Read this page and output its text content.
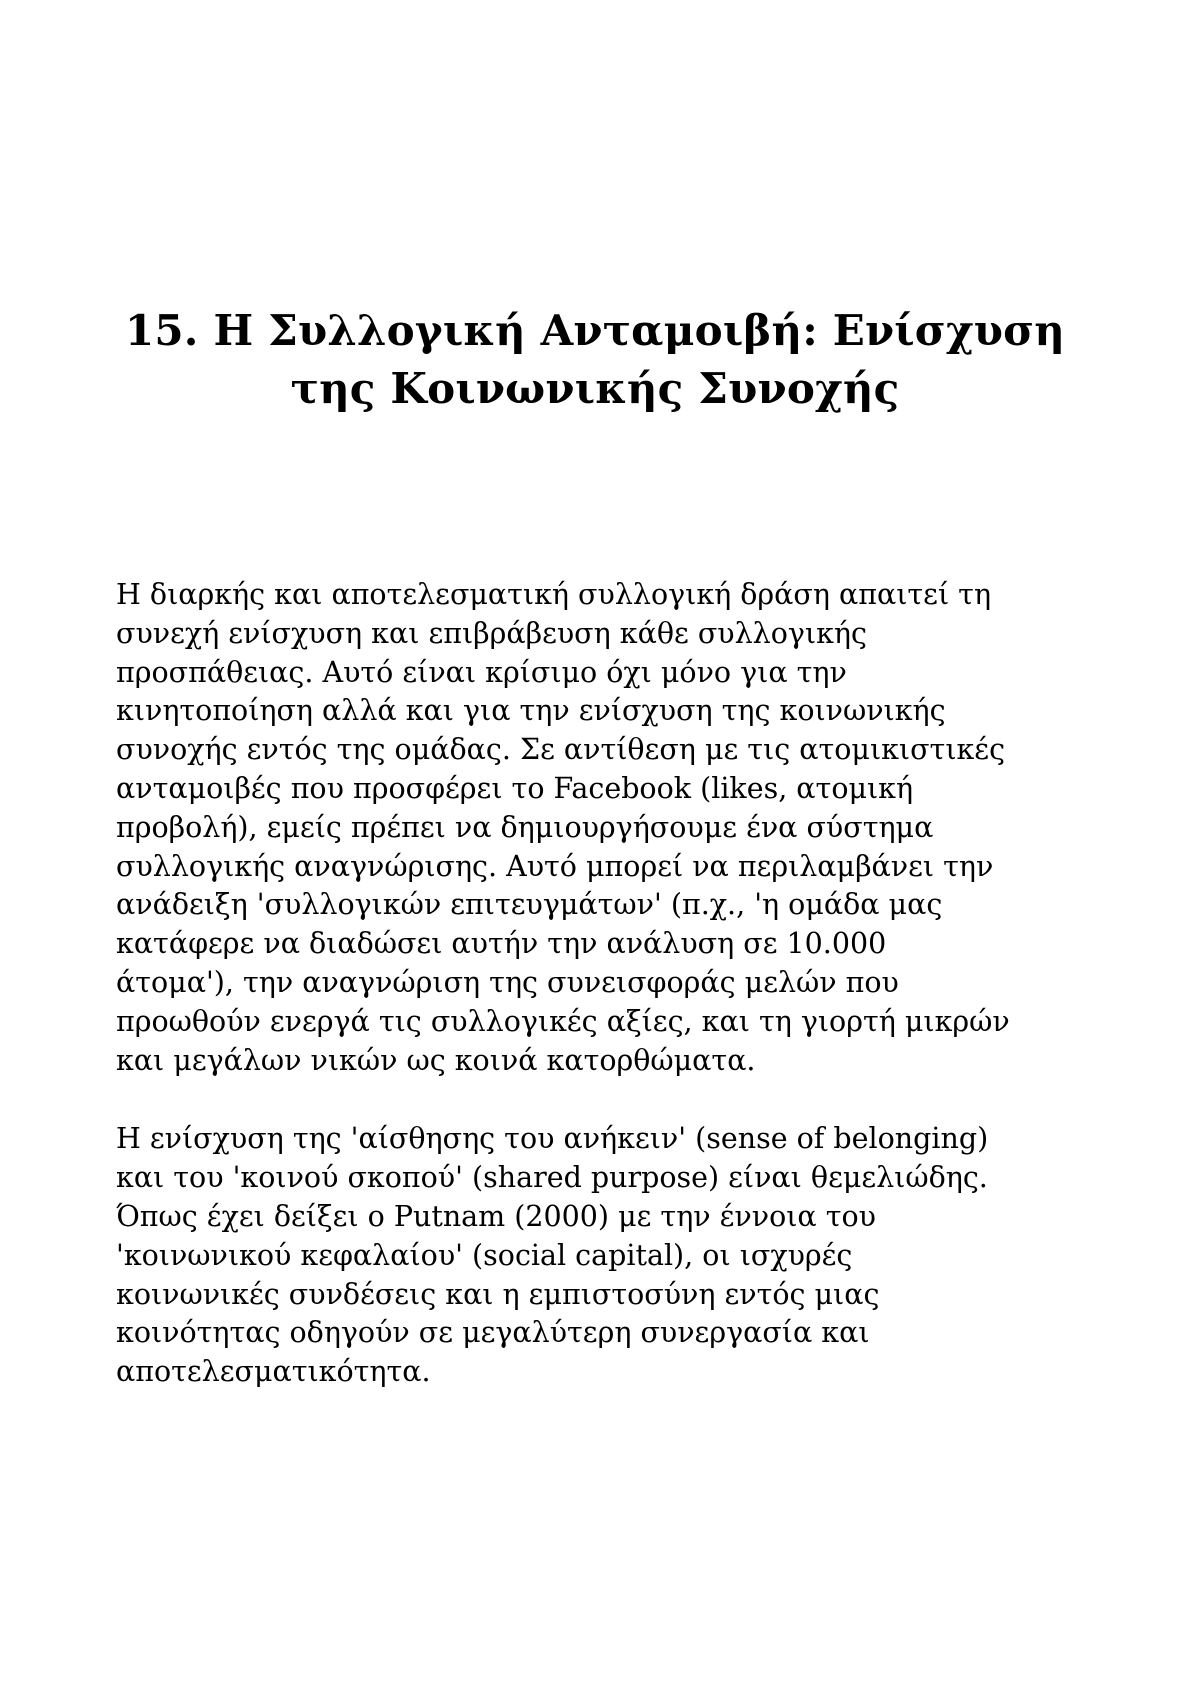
15. Η Συλλογική Ανταμοιβή: Ενίσχυση
της Κοινωνικής Συνοχής

Η διαρκής και αποτελεσματική συλλογική δράση απαιτεί τη
συνεχή ενίσχυση και επιβράβευση κάθε συλλογικής
προσπάθειας. Αυτό είναι κρίσιμο όχι μόνο για την
κινητοποίηση αλλά και για την ενίσχυση της κοινωνικής
συνοχής εντός της ομάδας. Σε αντίθεση με τις ατομικιστικές
ανταμοιβές που προσφέρει το Facebook (likes, ατομική
προβολή), εμείς πρέπει να δημιουργήσουμε ένα σύστημα
συλλογικής αναγνώρισης. Αυτό μπορεί να περιλαμβάνει την
ανάδειξη 'συλλογικών επιτευγμάτων' (π.χ., 'η ομάδα μας
κατάφερε να διαδώσει αυτήν την ανάλυση σε 10.000
άτομα'), την αναγνώριση της συνεισφοράς μελών που
προωθούν ενεργά τις συλλογικές αξίες, και τη γιορτή μικρών
και μεγάλων νικών ως κοινά κατορθώματα.

Η ενίσχυση της 'αίσθησης του ανήκειν' (sense of belonging)
και του 'κοινού σκοπού' (shared purpose) είναι θεμελιώδης.
Όπως έχει δείξει ο Putnam (2000) με την έννοια του
'κοινωνικού κεφαλαίου' (social capital), οι ισχυρές
κοινωνικές συνδέσεις και η εμπιστοσύνη εντός μιας
κοινότητας οδηγούν σε μεγαλύτερη συνεργασία και
αποτελεσματικότητα.
